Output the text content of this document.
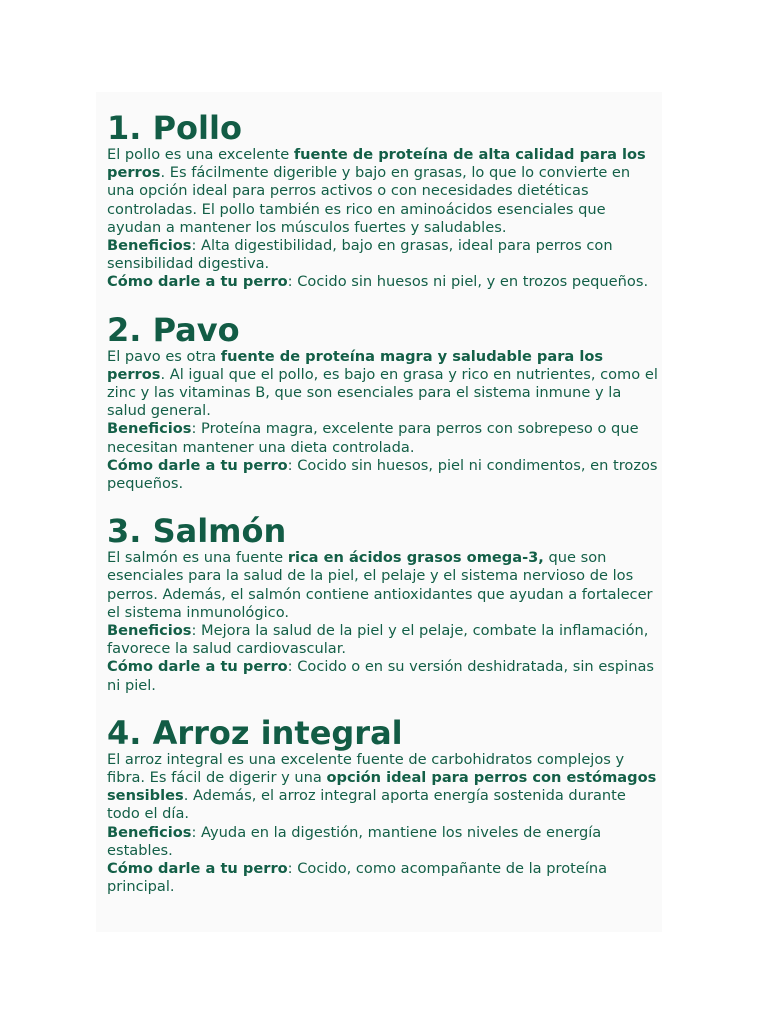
1. Pollo

El pollo es una excelente fuente de proteína de alta calidad para los perros. Es fácilmente digerible y bajo en grasas, lo que lo convierte en una opción ideal para perros activos o con necesidades dietéticas controladas. El pollo también es rico en aminoácidos esenciales que ayudan a mantener los músculos fuertes y saludables.

Beneficios: Alta digestibilidad, bajo en grasas, ideal para perros con sensibilidad digestiva.

Cómo darle a tu perro: Cocido sin huesos ni piel, y en trozos pequeños.

2. Pavo

El pavo es otra fuente de proteína magra y saludable para los perros. Al igual que el pollo, es bajo en grasa y rico en nutrientes, como el zinc y las vitaminas B, que son esenciales para el sistema inmune y la salud general.

Beneficios: Proteína magra, excelente para perros con sobrepeso o que necesitan mantener una dieta controlada.

Cómo darle a tu perro: Cocido sin huesos, piel ni condimentos, en trozos pequeños.

3. Salmón

El salmón es una fuente rica en ácidos grasos omega-3, que son esenciales para la salud de la piel, el pelaje y el sistema nervioso de los perros. Además, el salmón contiene antioxidantes que ayudan a fortalecer el sistema inmunológico.

Beneficios: Mejora la salud de la piel y el pelaje, combate la inflamación, favorece la salud cardiovascular.

Cómo darle a tu perro: Cocido o en su versión deshidratada, sin espinas ni piel.

4. Arroz integral

El arroz integral es una excelente fuente de carbohidratos complejos y fibra. Es fácil de digerir y una opción ideal para perros con estómagos sensibles. Además, el arroz integral aporta energía sostenida durante todo el día.

Beneficios: Ayuda en la digestión, mantiene los niveles de energía estables.

Cómo darle a tu perro: Cocido, como acompañante de la proteína principal.
